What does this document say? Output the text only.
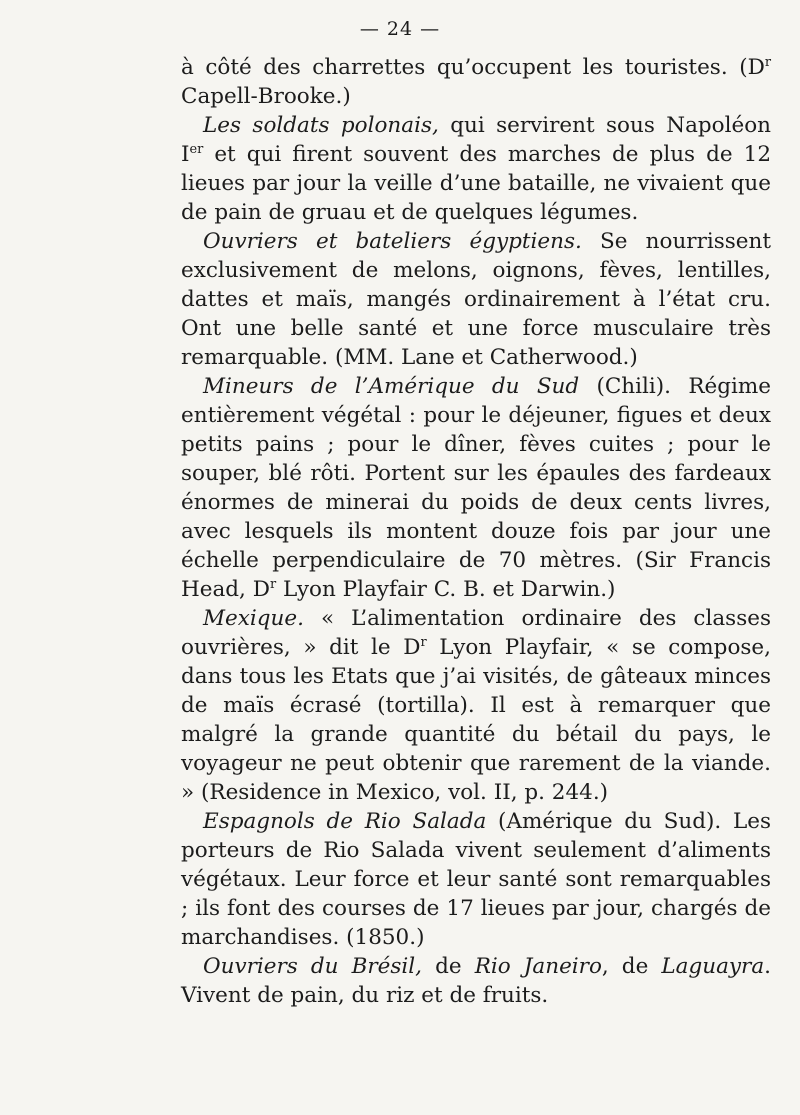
— 24 —

à côté des charrettes qu’occupent les touristes. ($D^r$ Capell-Brooke.)

Les soldats polonais, qui servirent sous Napoléon Ier et qui firent souvent des marches de plus de 12 lieues par jour la veille d’une bataille, ne vivaient que de pain de gruau et de quelques légumes.

Ouvriers et bateliers égyptiens. Se nourrissent exclusivement de melons, oignons, fèves, lentilles, dattes et maïs, mangés ordinairement à l’état cru. Ont une belle santé et une force musculaire très remarquable. (MM. Lane et Catherwood.)

Mineurs de l’Amérique du Sud (Chili). Régime entièrement végétal : pour le déjeuner, figues et deux petits pains ; pour le dîner, fèves cuites ; pour le souper, blé rôti. Portent sur les épaules des fardeaux énormes de minerai du poids de deux cents livres, avec lesquels ils montent douze fois par jour une échelle perpendiculaire de 70 mètres. (Sir Francis Head, $D^r$ Lyon Playfair C. B. et Darwin.)

Mexique. « L’alimentation ordinaire des classes ouvrières, » dit le $D^r$ Lyon Playfair, « se compose, dans tous les Etats que j’ai visités, de gâteaux minces de maïs écrasé (tortilla). Il est à remarquer que malgré la grande quantité du bétail du pays, le voyageur ne peut obtenir que rarement de la viande. » (Residence in Mexico, vol. II, p. 244.)

Espagnols de Rio Salada (Amérique du Sud). Les porteurs de Rio Salada vivent seulement d’aliments végétaux. Leur force et leur santé sont remarquables ; ils font des courses de 17 lieues par jour, chargés de marchandises. (1850.)

Ouvriers du Brésil, de Rio Janeiro, de Laguayra. Vivent de pain, du riz et de fruits.
